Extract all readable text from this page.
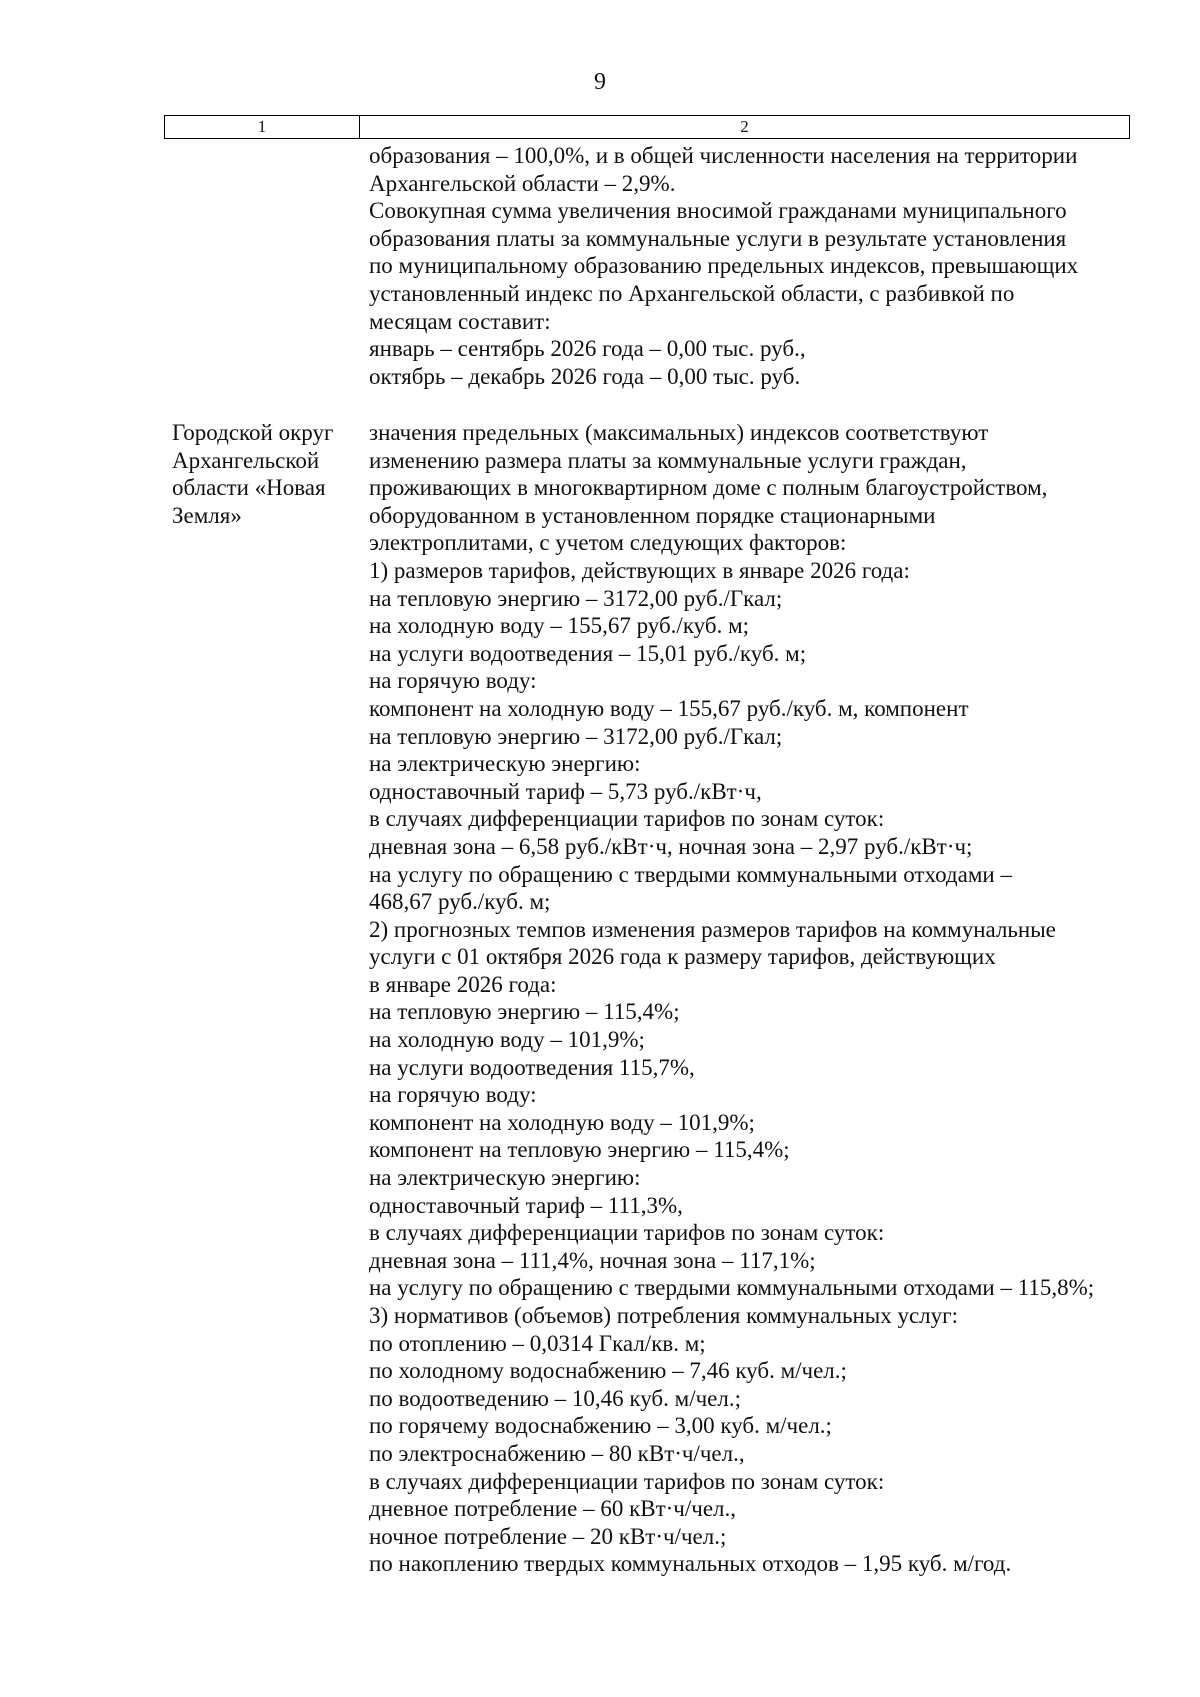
9
1	2
образования – 100,0%, и в общей численности населения на территории
Архангельской области – 2,9%.
Совокупная сумма увеличения вносимой гражданами муниципального
образования платы за коммунальные услуги в результате установления
по муниципальному образованию предельных индексов, превышающих
установленный индекс по Архангельской области, с разбивкой по
месяцам составит:
январь – сентябрь 2026 года – 0,00 тыс. руб.,
октябрь – декабрь 2026 года – 0,00 тыс. руб.
Городской округ
Архангельской
области «Новая
Земля»
значения предельных (максимальных) индексов соответствуют
изменению размера платы за коммунальные услуги граждан,
проживающих в многоквартирном доме с полным благоустройством,
оборудованном в установленном порядке стационарными
электроплитами, с учетом следующих факторов:
1) размеров тарифов, действующих в январе 2026 года:
на тепловую энергию – 3172,00 руб./Гкал;
на холодную воду – 155,67 руб./куб. м;
на услуги водоотведения – 15,01 руб./куб. м;
на горячую воду:
компонент на холодную воду – 155,67 руб./куб. м, компонент
на тепловую энергию – 3172,00 руб./Гкал;
на электрическую энергию:
одноставочный тариф – 5,73 руб./кВт·ч,
в случаях дифференциации тарифов по зонам суток:
дневная зона – 6,58 руб./кВт·ч, ночная зона – 2,97 руб./кВт·ч;
на услугу по обращению с твердыми коммунальными отходами –
468,67 руб./куб. м;
2) прогнозных темпов изменения размеров тарифов на коммунальные
услуги с 01 октября 2026 года к размеру тарифов, действующих
в январе 2026 года:
на тепловую энергию – 115,4%;
на холодную воду – 101,9%;
на услуги водоотведения 115,7%,
на горячую воду:
компонент на холодную воду – 101,9%;
компонент на тепловую энергию – 115,4%;
на электрическую энергию:
одноставочный тариф – 111,3%,
в случаях дифференциации тарифов по зонам суток:
дневная зона – 111,4%, ночная зона – 117,1%;
на услугу по обращению с твердыми коммунальными отходами – 115,8%;
3) нормативов (объемов) потребления коммунальных услуг:
по отоплению – 0,0314 Гкал/кв. м;
по холодному водоснабжению – 7,46 куб. м/чел.;
по водоотведению – 10,46 куб. м/чел.;
по горячему водоснабжению – 3,00 куб. м/чел.;
по электроснабжению – 80 кВт·ч/чел.,
в случаях дифференциации тарифов по зонам суток:
дневное потребление – 60 кВт·ч/чел.,
ночное потребление – 20 кВт·ч/чел.;
по накоплению твердых коммунальных отходов – 1,95 куб. м/год.
